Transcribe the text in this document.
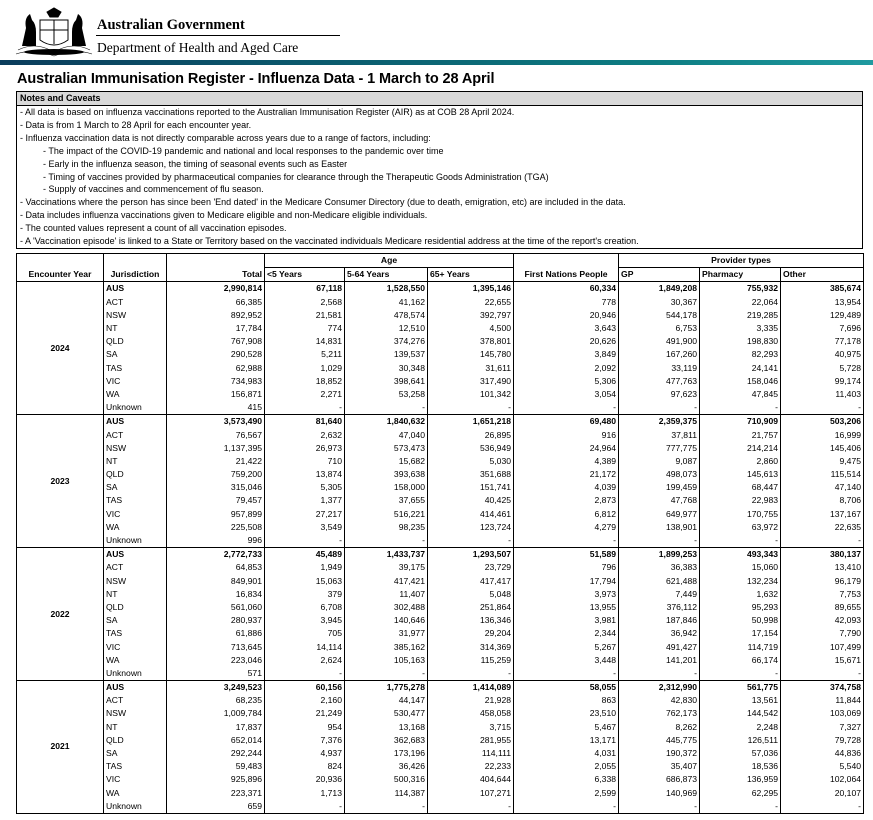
Australian Government
Department of Health and Aged Care
Australian Immunisation Register - Influenza Data - 1 March to 28 April
Notes and Caveats
- All data is based on influenza vaccinations reported to the Australian Immunisation Register (AIR) as at COB 28 April 2024.
- Data is from 1 March to 28 April for each encounter year.
- Influenza vaccination data is not directly comparable across years due to a range of factors, including:
- The impact of the COVID-19 pandemic and national and local responses to the pandemic over time
- Early in the influenza season, the timing of seasonal events such as Easter
- Timing of vaccines provided by pharmaceutical companies for clearance through the Therapeutic Goods Administration (TGA)
- Supply of vaccines and commencement of flu season.
- Vaccinations where the person has since been 'End dated' in the Medicare Consumer Directory (due to death, emigration, etc) are included in the data.
- Data includes influenza vaccinations given to Medicare eligible and non-Medicare eligible individuals.
- The counted values represent a count of all vaccination episodes.
- A 'Vaccination episode' is linked to a State or Territory based on the vaccinated individuals Medicare residential address at the time of the report's creation.
			Age				Provider types		
Encounter Year	Jurisdiction	Total	<5 Years	5-64 Years	65+ Years	First Nations People	GP	Pharmacy	Other
2024	AUS	2,990,814	67,118	1,528,550	1,395,146	60,334	1,849,208	755,932	385,674
	ACT	66,385	2,568	41,162	22,655	778	30,367	22,064	13,954
	NSW	892,952	21,581	478,574	392,797	20,946	544,178	219,285	129,489
	NT	17,784	774	12,510	4,500	3,643	6,753	3,335	7,696
	QLD	767,908	14,831	374,276	378,801	20,626	491,900	198,830	77,178
	SA	290,528	5,211	139,537	145,780	3,849	167,260	82,293	40,975
	TAS	62,988	1,029	30,348	31,611	2,092	33,119	24,141	5,728
	VIC	734,983	18,852	398,641	317,490	5,306	477,763	158,046	99,174
	WA	156,871	2,271	53,258	101,342	3,054	97,623	47,845	11,403
	Unknown	415	-	-	-	-	-	-	-
2023	AUS	3,573,490	81,640	1,840,632	1,651,218	69,480	2,359,375	710,909	503,206
	ACT	76,567	2,632	47,040	26,895	916	37,811	21,757	16,999
	NSW	1,137,395	26,973	573,473	536,949	24,964	777,775	214,214	145,406
	NT	21,422	710	15,682	5,030	4,389	9,087	2,860	9,475
	QLD	759,200	13,874	393,638	351,688	21,172	498,073	145,613	115,514
	SA	315,046	5,305	158,000	151,741	4,039	199,459	68,447	47,140
	TAS	79,457	1,377	37,655	40,425	2,873	47,768	22,983	8,706
	VIC	957,899	27,217	516,221	414,461	6,812	649,977	170,755	137,167
	WA	225,508	3,549	98,235	123,724	4,279	138,901	63,972	22,635
	Unknown	996	-	-	-	-	-	-	-
2022	AUS	2,772,733	45,489	1,433,737	1,293,507	51,589	1,899,253	493,343	380,137
	ACT	64,853	1,949	39,175	23,729	796	36,383	15,060	13,410
	NSW	849,901	15,063	417,421	417,417	17,794	621,488	132,234	96,179
	NT	16,834	379	11,407	5,048	3,973	7,449	1,632	7,753
	QLD	561,060	6,708	302,488	251,864	13,955	376,112	95,293	89,655
	SA	280,937	3,945	140,646	136,346	3,981	187,846	50,998	42,093
	TAS	61,886	705	31,977	29,204	2,344	36,942	17,154	7,790
	VIC	713,645	14,114	385,162	314,369	5,267	491,427	114,719	107,499
	WA	223,046	2,624	105,163	115,259	3,448	141,201	66,174	15,671
	Unknown	571	-	-	-	-	-	-	-
2021	AUS	3,249,523	60,156	1,775,278	1,414,089	58,055	2,312,990	561,775	374,758
	ACT	68,235	2,160	44,147	21,928	863	42,830	13,561	11,844
	NSW	1,009,784	21,249	530,477	458,058	23,510	762,173	144,542	103,069
	NT	17,837	954	13,168	3,715	5,467	8,262	2,248	7,327
	QLD	652,014	7,376	362,683	281,955	13,171	445,775	126,511	79,728
	SA	292,244	4,937	173,196	114,111	4,031	190,372	57,036	44,836
	TAS	59,483	824	36,426	22,233	2,055	35,407	18,536	5,540
	VIC	925,896	20,936	500,316	404,644	6,338	686,873	136,959	102,064
	WA	223,371	1,713	114,387	107,271	2,599	140,969	62,295	20,107
	Unknown	659	-	-	-	-	-	-	-
